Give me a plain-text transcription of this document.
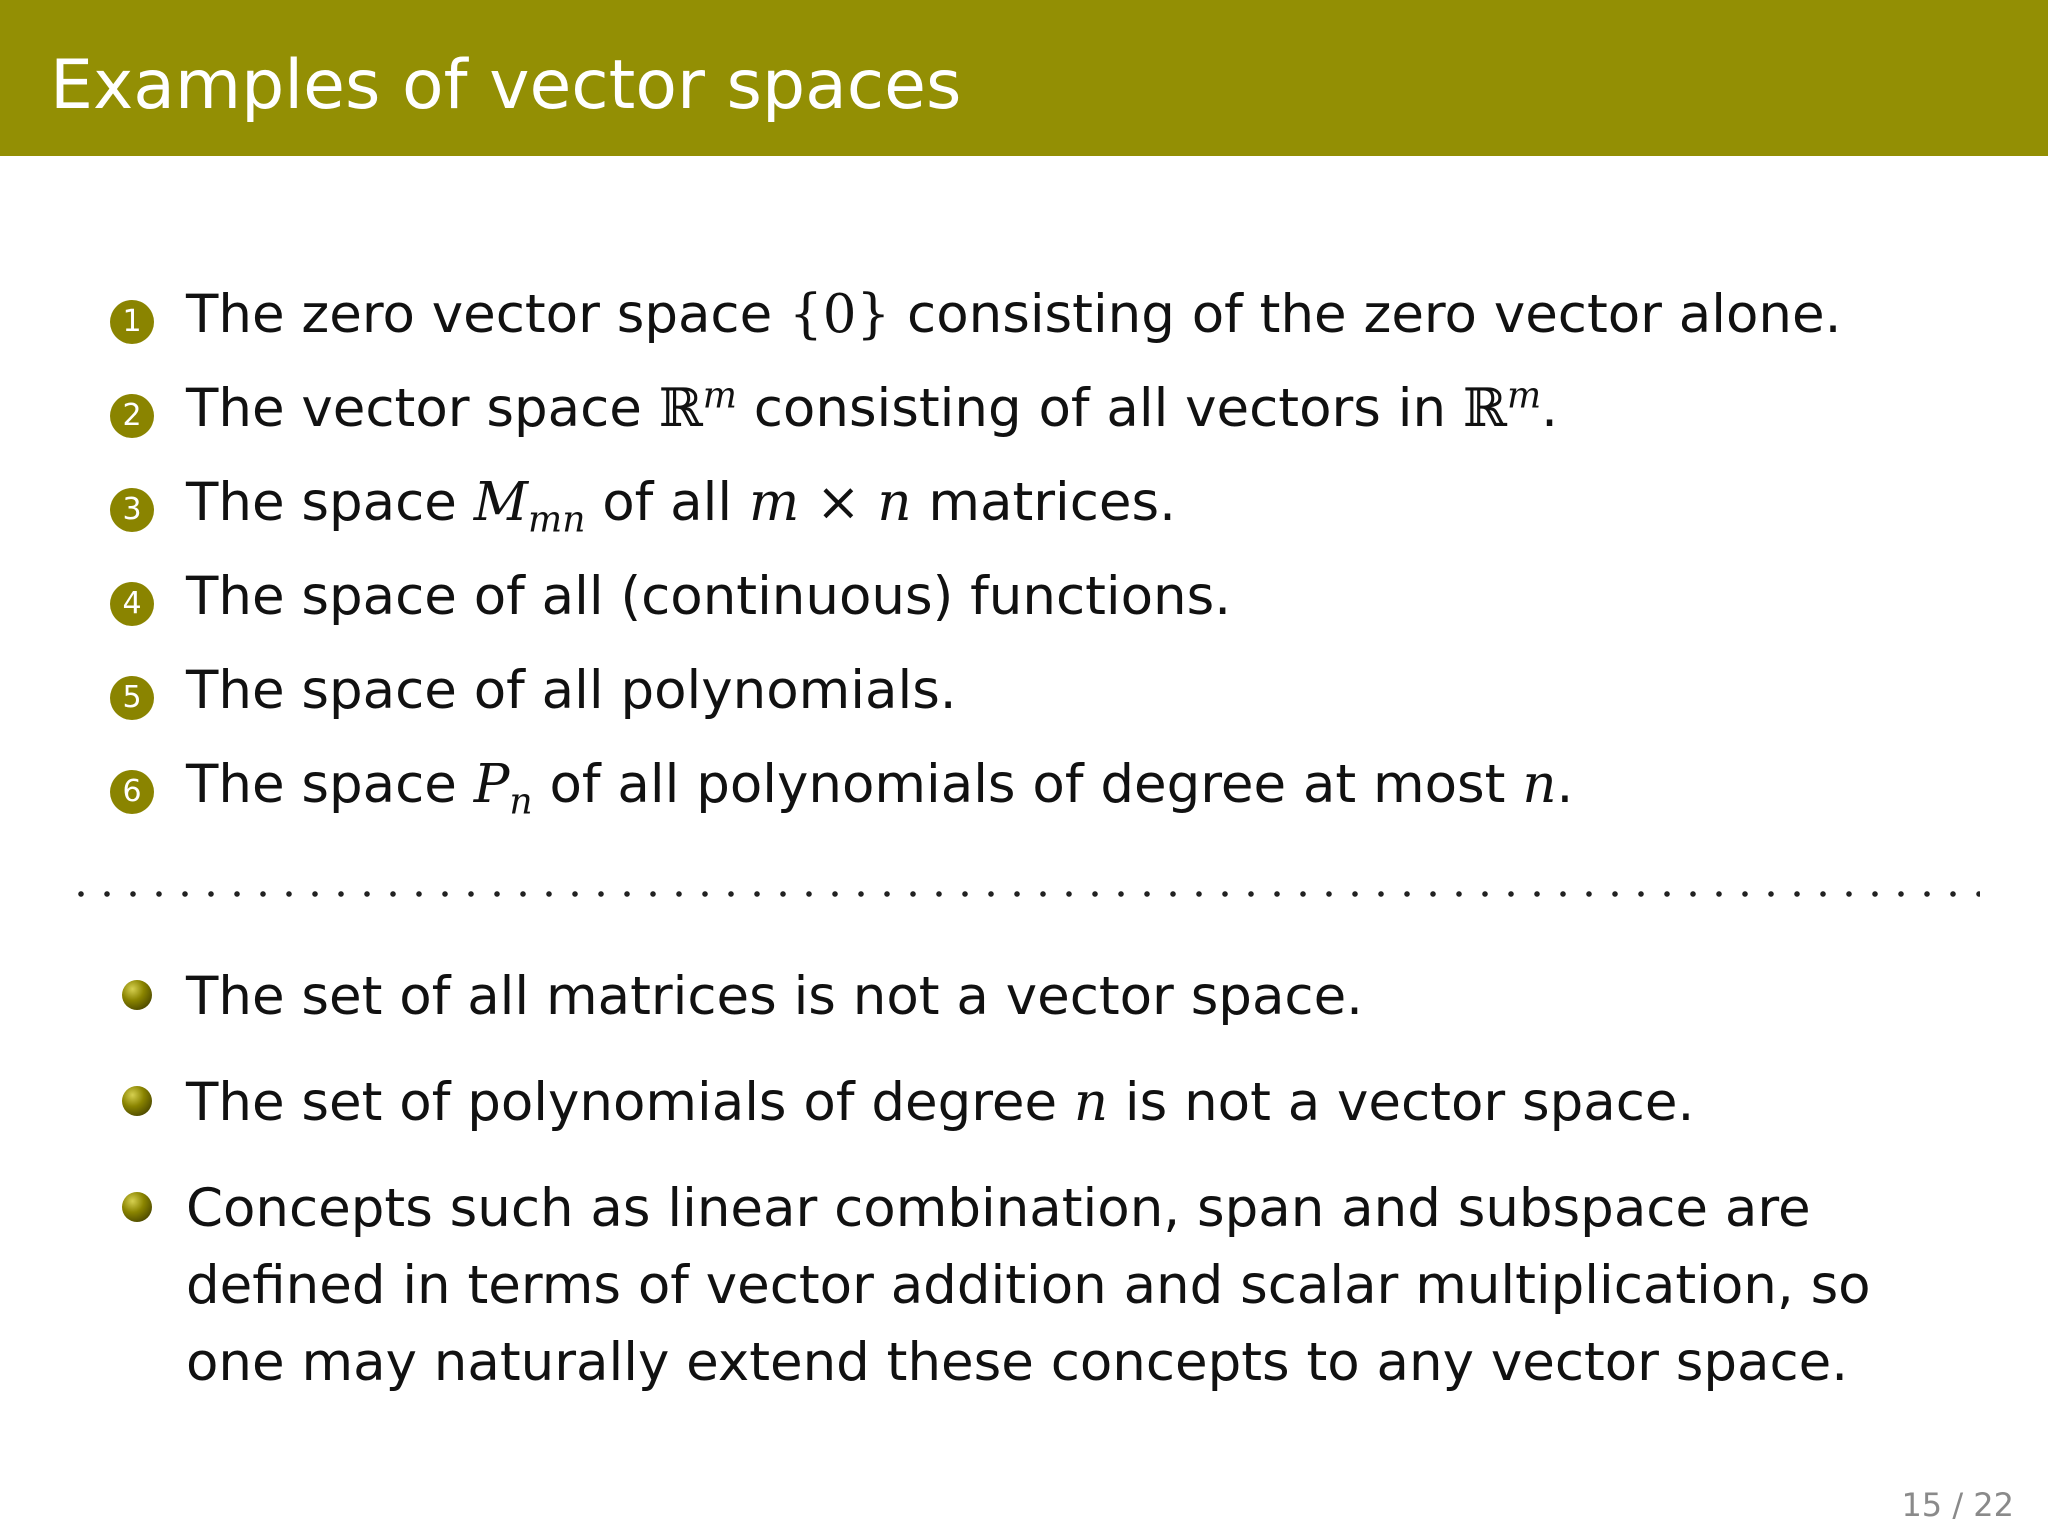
Examples of vector spaces
1 The zero vector space {0} consisting of the zero vector alone.
2 The vector space ℝ$^m$ consisting of all vectors in ℝ$^m$.
3 The space $M_{mn}$ of all m × n matrices.
4 The space of all (continuous) functions.
5 The space of all polynomials.
6 The space $P_n$ of all polynomials of degree at most n.
The set of all matrices is not a vector space.
The set of polynomials of degree n is not a vector space.
Concepts such as linear combination, span and subspace are defined in terms of vector addition and scalar multiplication, so one may naturally extend these concepts to any vector space.
15 / 22
